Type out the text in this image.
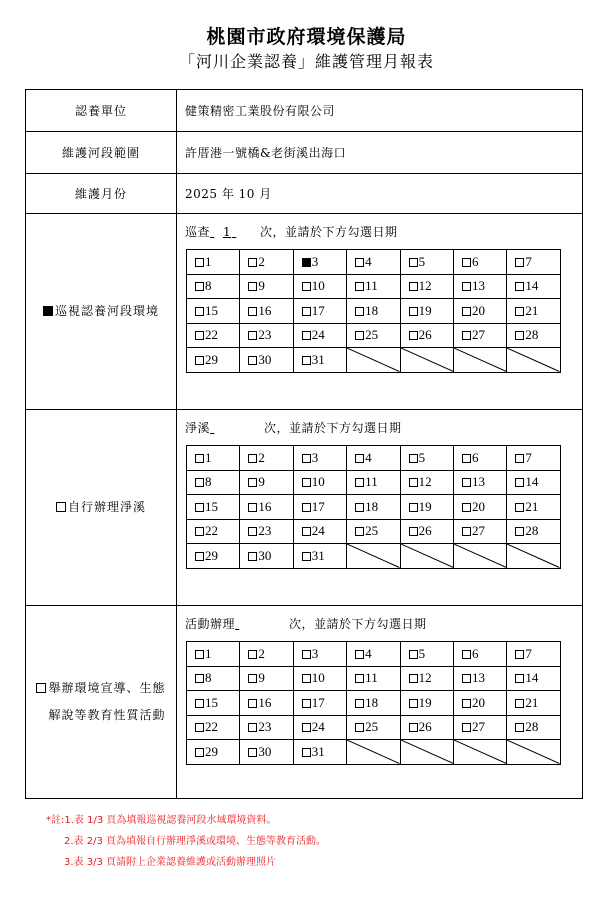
桃園市政府環境保護局
「河川企業認養」維護管理月報表
認養單位	健策精密工業股份有限公司
維護河段範圍	許厝港一號橋&老街溪出海口
維護月份	2025 年 10 月
巡視認養河段環境	
巡查 1 次，並請於下方勾選日期
1	2	3	4	5	6	7
8	9	10	11	12	13	14
15	16	17	18	19	20	21
22	23	24	25	26	27	28
29	30	31	

自行辦理淨溪	
淨溪	次，並請於下方勾選日期
1	2	3	4	5	6	7
8	9	10	11	12	13	14
15	16	17	18	19	20	21
22	23	24	25	26	27	28
29	30	31	

舉辦環境宣導、生態
解說等教育性質活動

活動辦理	次，並請於下方勾選日期
1	2	3	4	5	6	7
8	9	10	11	12	13	14
15	16	17	18	19	20	21
22	23	24	25	26	27	28
29	30	31	

*註:1.表 1/3 頁為填報巡視認養河段水域環境資料。
2.表 2/3 頁為填報自行辦理淨溪或環境、生態等教育活動。
3.表 3/3 頁請附上企業認養維護或活動辦理照片
